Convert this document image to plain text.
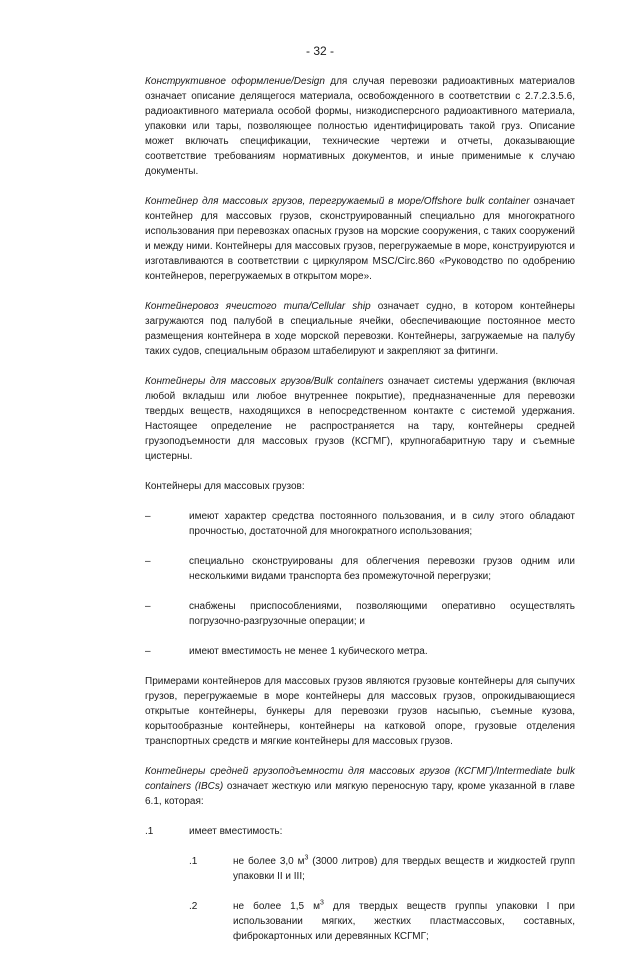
- 32 -

Конструктивное оформление/Design для случая перевозки радиоактивных материалов означает описание делящегося материала, освобожденного в соответствии с 2.7.2.3.5.6, радиоактивного материала особой формы, низкодисперсного радиоактивного материала, упаковки или тары, позволяющее полностью идентифицировать такой груз. Описание может включать спецификации, технические чертежи и отчеты, доказывающие соответствие требованиям нормативных документов, и иные применимые к случаю документы.

Контейнер для массовых грузов, перегружаемый в море/Offshore bulk container означает контейнер для массовых грузов, сконструированный специально для многократного использования при перевозках опасных грузов на морские сооружения, с таких сооружений и между ними. Контейнеры для массовых грузов, перегружаемые в море, конструируются и изготавливаются в соответствии с циркуляром MSC/Circ.860 «Руководство по одобрению контейнеров, перегружаемых в открытом море».

Контейнеровоз ячеистого типа/Cellular ship означает судно, в котором контейнеры загружаются под палубой в специальные ячейки, обеспечивающие постоянное место размещения контейнера в ходе морской перевозки. Контейнеры, загружаемые на палубу таких судов, специальным образом штабелируют и закрепляют за фитинги.

Контейнеры для массовых грузов/Bulk containers означает системы удержания (включая любой вкладыш или любое внутреннее покрытие), предназначенные для перевозки твердых веществ, находящихся в непосредственном контакте с системой удержания. Настоящее определение не распространяется на тару, контейнеры средней грузоподъемности для массовых грузов (КСГМГ), крупногабаритную тару и съемные цистерны.

Контейнеры для массовых грузов:

–	имеют характер средства постоянного пользования, и в силу этого обладают прочностью, достаточной для многократного использования;
–	специально сконструированы для облегчения перевозки грузов одним или несколькими видами транспорта без промежуточной перегрузки;
–	снабжены приспособлениями, позволяющими оперативно осуществлять погрузочно-разгрузочные операции; и
–	имеют вместимость не менее 1 кубического метра.

Примерами контейнеров для массовых грузов являются грузовые контейнеры для сыпучих грузов, перегружаемые в море контейнеры для массовых грузов, опрокидывающиеся открытые контейнеры, бункеры для перевозки грузов насыпью, съемные кузова, корытообразные контейнеры, контейнеры на катковой опоре, грузовые отделения транспортных средств и мягкие контейнеры для массовых грузов.

Контейнеры средней грузоподъемности для массовых грузов (КСГМГ)/Intermediate bulk containers (IBCs) означает жесткую или мягкую переносную тару, кроме указанной в главе 6.1, которая:

.1	имеет вместимость:
.1	не более 3,0 $м^3$ (3000 литров) для твердых веществ и жидкостей групп упаковки II и III;
.2	не более 1,5 $м^3$ для твердых веществ группы упаковки I при использовании мягких, жестких пластмассовых, составных, фиброкартонных или деревянных КСГМГ;
